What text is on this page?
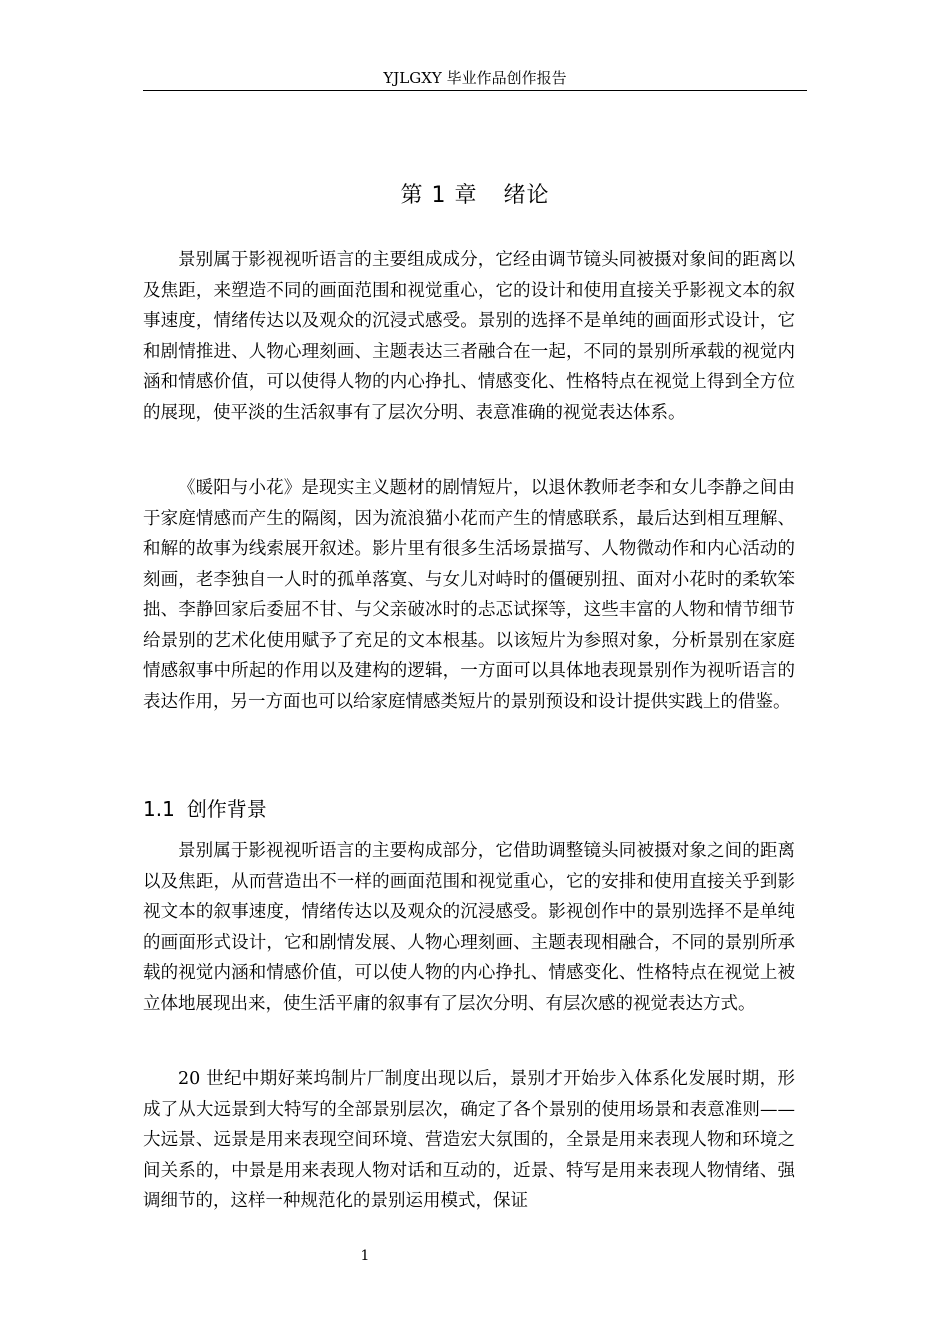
YJLGXY 毕业作品创作报告
第 1 章 绪论

景别属于影视视听语言的主要组成成分，它经由调节镜头同被摄对象间的距离以及焦距，来塑造不同的画面范围和视觉重心，它的设计和使用直接关乎影视文本的叙事速度，情绪传达以及观众的沉浸式感受。景别的选择不是单纯的画面形式设计，它和剧情推进、人物心理刻画、主题表达三者融合在一起，不同的景别所承载的视觉内涵和情感价值，可以使得人物的内心挣扎、情感变化、性格特点在视觉上得到全方位的展现，使平淡的生活叙事有了层次分明、表意准确的视觉表达体系。

《暖阳与小花》是现实主义题材的剧情短片，以退休教师老李和女儿李静之间由于家庭情感而产生的隔阂，因为流浪猫小花而产生的情感联系，最后达到相互理解、和解的故事为线索展开叙述。影片里有很多生活场景描写、人物微动作和内心活动的刻画，老李独自一人时的孤单落寞、与女儿对峙时的僵硬别扭、面对小花时的柔软笨拙、李静回家后委屈不甘、与父亲破冰时的忐忑试探等，这些丰富的人物和情节细节给景别的艺术化使用赋予了充足的文本根基。以该短片为参照对象，分析景别在家庭情感叙事中所起的作用以及建构的逻辑，一方面可以具体地表现景别作为视听语言的表达作用，另一方面也可以给家庭情感类短片的景别预设和设计提供实践上的借鉴。

1.1 创作背景

景别属于影视视听语言的主要构成部分，它借助调整镜头同被摄对象之间的距离以及焦距，从而营造出不一样的画面范围和视觉重心，它的安排和使用直接关乎到影视文本的叙事速度，情绪传达以及观众的沉浸感受。影视创作中的景别选择不是单纯的画面形式设计，它和剧情发展、人物心理刻画、主题表现相融合，不同的景别所承载的视觉内涵和情感价值，可以使人物的内心挣扎、情感变化、性格特点在视觉上被立体地展现出来，使生活平庸的叙事有了层次分明、有层次感的视觉表达方式。

20 世纪中期好莱坞制片厂制度出现以后，景别才开始步入体系化发展时期，形成了从大远景到大特写的全部景别层次，确定了各个景别的使用场景和表意准则——大远景、远景是用来表现空间环境、营造宏大氛围的，全景是用来表现人物和环境之间关系的，中景是用来表现人物对话和互动的，近景、特写是用来表现人物情绪、强调细节的，这样一种规范化的景别运用模式，保证

1
